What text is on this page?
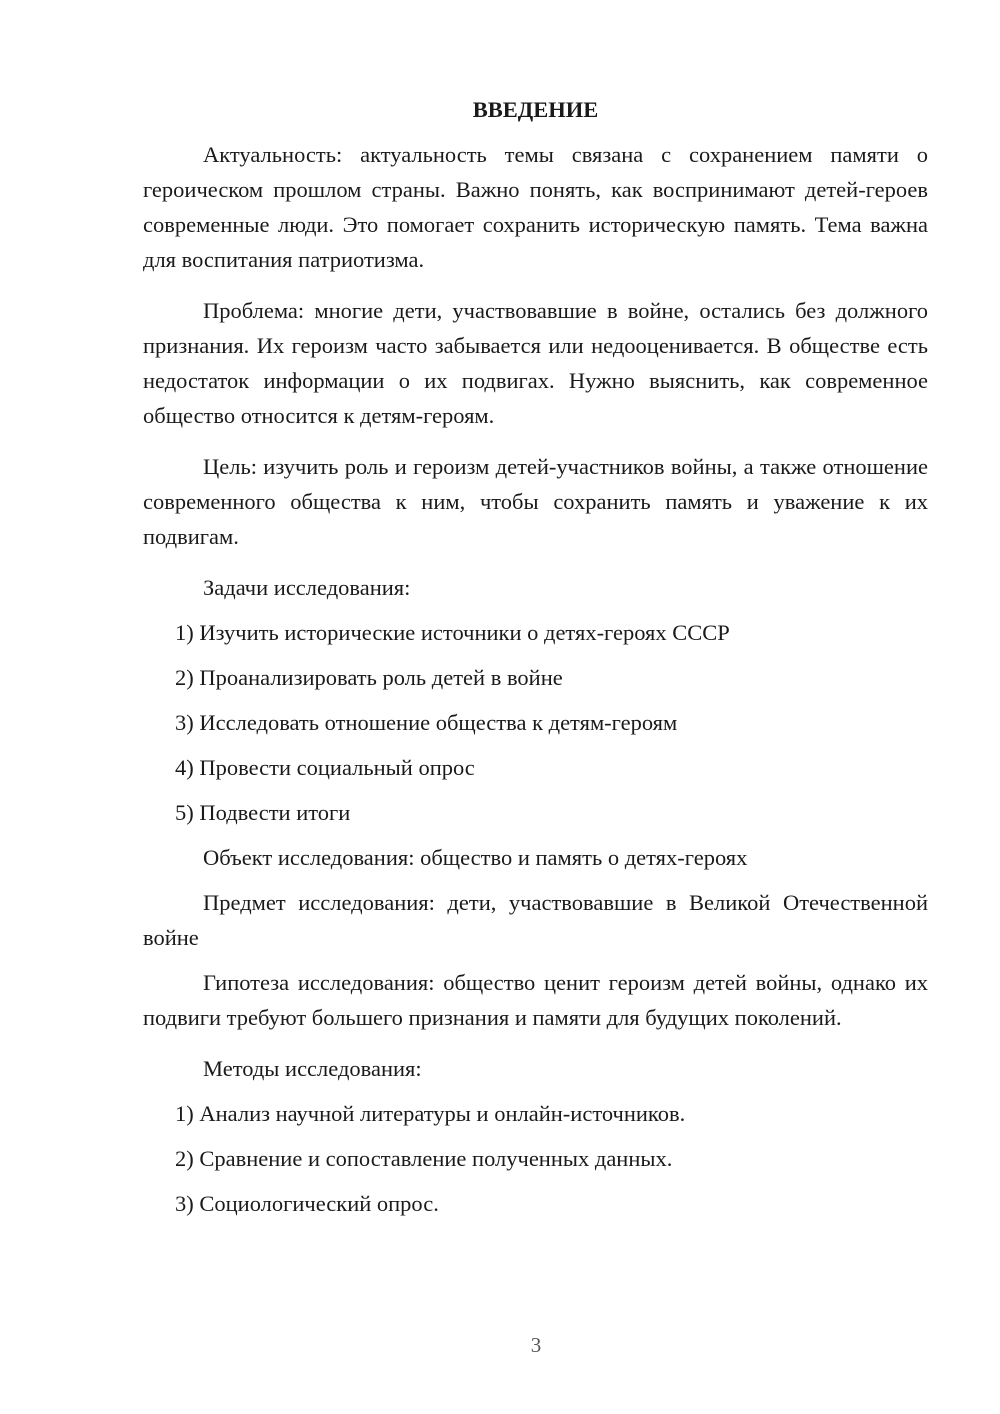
ВВЕДЕНИЕ

Актуальность: актуальность темы связана с сохранением памяти о героическом прошлом страны. Важно понять, как воспринимают детей-героев современные люди. Это помогает сохранить историческую память. Тема важна для воспитания патриотизма.

Проблема: многие дети, участвовавшие в войне, остались без должного признания. Их героизм часто забывается или недооценивается. В обществе есть недостаток информации о их подвигах. Нужно выяснить, как современное общество относится к детям-героям.

Цель: изучить роль и героизм детей-участников войны, а также отношение современного общества к ним, чтобы сохранить память и уважение к их подвигам.

Задачи исследования:
1) Изучить исторические источники о детях-героях СССР
2) Проанализировать роль детей в войне
3) Исследовать отношение общества к детям-героям
4) Провести социальный опрос
5) Подвести итоги
Объект исследования: общество и память о детях-героях

Предмет исследования: дети, участвовавшие в Великой Отечественной войне

Гипотеза исследования: общество ценит героизм детей войны, однако их подвиги требуют большего признания и памяти для будущих поколений.

Методы исследования:
1) Анализ научной литературы и онлайн-источников.
2) Сравнение и сопоставление полученных данных.
3) Социологический опрос.
3
